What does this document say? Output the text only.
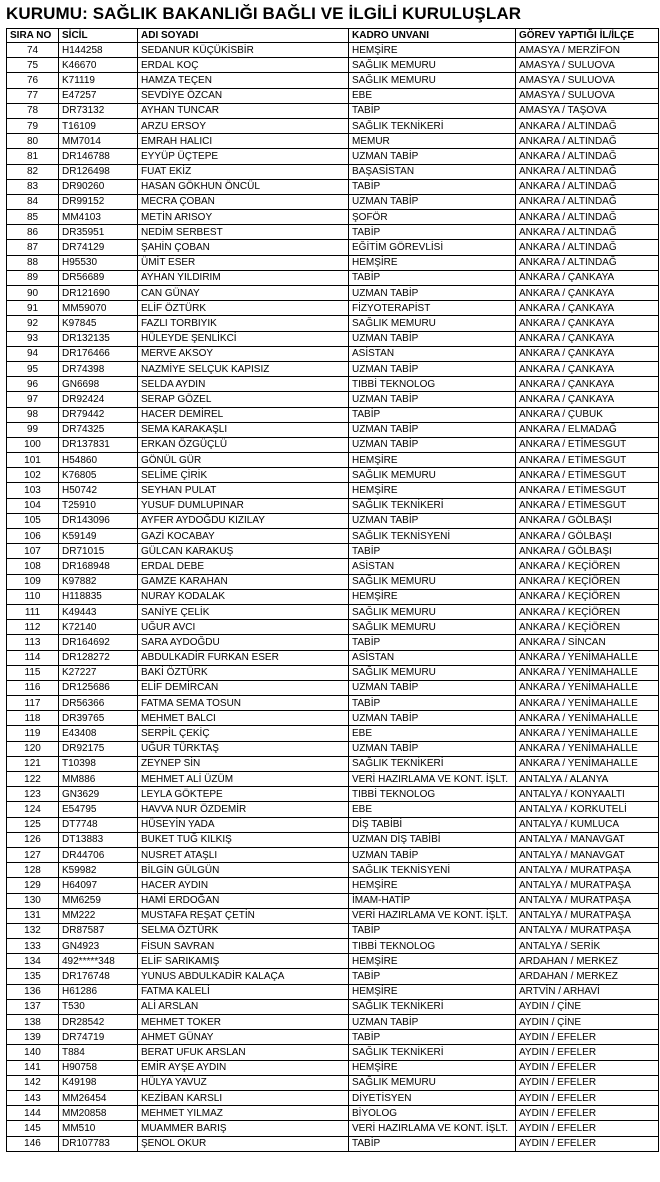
KURUMU: SAĞLIK BAKANLIĞI BAĞLI VE İLGİLİ KURULUŞLAR
SIRA NO	SİCİL	ADI SOYADI	KADRO UNVANI	GÖREV YAPTIĞI İL/İLÇE
74	H144258	SEDANUR KÜÇÜKİSBİR	HEMŞİRE	AMASYA / MERZİFON
75	K46670	ERDAL KOÇ	SAĞLIK MEMURU	AMASYA / SULUOVA
76	K71119	HAMZA TEÇEN	SAĞLIK MEMURU	AMASYA / SULUOVA
77	E47257	SEVDİYE ÖZCAN	EBE	AMASYA / SULUOVA
78	DR73132	AYHAN TUNCAR	TABİP	AMASYA / TAŞOVA
79	T16109	ARZU ERSOY	SAĞLIK TEKNİKERİ	ANKARA / ALTINDAĞ
80	MM7014	EMRAH HALICI	MEMUR	ANKARA / ALTINDAĞ
81	DR146788	EYYÜP ÜÇTEPE	UZMAN TABİP	ANKARA / ALTINDAĞ
82	DR126498	FUAT EKİZ	BAŞASİSTAN	ANKARA / ALTINDAĞ
83	DR90260	HASAN GÖKHUN ÖNCÜL	TABİP	ANKARA / ALTINDAĞ
84	DR99152	MECRA ÇOBAN	UZMAN TABİP	ANKARA / ALTINDAĞ
85	MM4103	METİN ARISOY	ŞOFÖR	ANKARA / ALTINDAĞ
86	DR35951	NEDİM SERBEST	TABİP	ANKARA / ALTINDAĞ
87	DR74129	ŞAHİN ÇOBAN	EĞİTİM GÖREVLİSİ	ANKARA / ALTINDAĞ
88	H95530	ÜMİT ESER	HEMŞİRE	ANKARA / ALTINDAĞ
89	DR56689	AYHAN YILDIRIM	TABİP	ANKARA / ÇANKAYA
90	DR121690	CAN GÜNAY	UZMAN TABİP	ANKARA / ÇANKAYA
91	MM59070	ELİF ÖZTÜRK	FİZYOTERAPİST	ANKARA / ÇANKAYA
92	K97845	FAZLI TORBIYIK	SAĞLIK MEMURU	ANKARA / ÇANKAYA
93	DR132135	HÜLEYDE ŞENLİKCİ	UZMAN TABİP	ANKARA / ÇANKAYA
94	DR176466	MERVE AKSOY	ASİSTAN	ANKARA / ÇANKAYA
95	DR74398	NAZMİYE SELÇUK KAPISIZ	UZMAN TABİP	ANKARA / ÇANKAYA
96	GN6698	SELDA AYDIN	TIBBİ TEKNOLOG	ANKARA / ÇANKAYA
97	DR92424	SERAP GÖZEL	UZMAN TABİP	ANKARA / ÇANKAYA
98	DR79442	HACER DEMİREL	TABİP	ANKARA / ÇUBUK
99	DR74325	SEMA KARAKAŞLI	UZMAN TABİP	ANKARA / ELMADAĞ
100	DR137831	ERKAN ÖZGÜÇLÜ	UZMAN TABİP	ANKARA / ETİMESGUT
101	H54860	GÖNÜL GÜR	HEMŞİRE	ANKARA / ETİMESGUT
102	K76805	SELİME ÇİRİK	SAĞLIK MEMURU	ANKARA / ETİMESGUT
103	H50742	SEYHAN PULAT	HEMŞİRE	ANKARA / ETİMESGUT
104	T25910	YUSUF DUMLUPINAR	SAĞLIK TEKNİKERİ	ANKARA / ETİMESGUT
105	DR143096	AYFER AYDOĞDU KIZILAY	UZMAN TABİP	ANKARA / GÖLBAŞI
106	K59149	GAZİ KOCABAY	SAĞLIK TEKNİSYENİ	ANKARA / GÖLBAŞI
107	DR71015	GÜLCAN KARAKUŞ	TABİP	ANKARA / GÖLBAŞI
108	DR168948	ERDAL DEBE	ASİSTAN	ANKARA / KEÇİÖREN
109	K97882	GAMZE KARAHAN	SAĞLIK MEMURU	ANKARA / KEÇİÖREN
110	H118835	NURAY KODALAK	HEMŞİRE	ANKARA / KEÇİÖREN
111	K49443	SANİYE ÇELİK	SAĞLIK MEMURU	ANKARA / KEÇİÖREN
112	K72140	UĞUR AVCI	SAĞLIK MEMURU	ANKARA / KEÇİÖREN
113	DR164692	SARA AYDOĞDU	TABİP	ANKARA / SİNCAN
114	DR128272	ABDULKADİR FURKAN ESER	ASİSTAN	ANKARA / YENİMAHALLE
115	K27227	BAKİ ÖZTÜRK	SAĞLIK MEMURU	ANKARA / YENİMAHALLE
116	DR125686	ELİF DEMİRCAN	UZMAN TABİP	ANKARA / YENİMAHALLE
117	DR56366	FATMA SEMA TOSUN	TABİP	ANKARA / YENİMAHALLE
118	DR39765	MEHMET BALCI	UZMAN TABİP	ANKARA / YENİMAHALLE
119	E43408	SERPİL ÇEKİÇ	EBE	ANKARA / YENİMAHALLE
120	DR92175	UĞUR TÜRKTAŞ	UZMAN TABİP	ANKARA / YENİMAHALLE
121	T10398	ZEYNEP SİN	SAĞLIK TEKNİKERİ	ANKARA / YENİMAHALLE
122	MM886	MEHMET ALİ ÜZÜM	VERİ HAZIRLAMA VE KONT. İŞLT.	ANTALYA / ALANYA
123	GN3629	LEYLA GÖKTEPE	TIBBİ TEKNOLOG	ANTALYA / KONYAALTI
124	E54795	HAVVA NUR ÖZDEMİR	EBE	ANTALYA / KORKUTELİ
125	DT7748	HÜSEYİN YADA	DİŞ TABİBİ	ANTALYA / KUMLUCA
126	DT13883	BUKET TUĞ KILKIŞ	UZMAN DİŞ TABİBİ	ANTALYA / MANAVGAT
127	DR44706	NUSRET ATAŞLI	UZMAN TABİP	ANTALYA / MANAVGAT
128	K59982	BİLGİN GÜLGÜN	SAĞLIK TEKNİSYENİ	ANTALYA / MURATPAŞA
129	H64097	HACER AYDIN	HEMŞİRE	ANTALYA / MURATPAŞA
130	MM6259	HAMİ ERDOĞAN	İMAM-HATİP	ANTALYA / MURATPAŞA
131	MM222	MUSTAFA REŞAT ÇETİN	VERİ HAZIRLAMA VE KONT. İŞLT.	ANTALYA / MURATPAŞA
132	DR87587	SELMA ÖZTÜRK	TABİP	ANTALYA / MURATPAŞA
133	GN4923	FİSUN SAVRAN	TIBBİ TEKNOLOG	ANTALYA / SERİK
134	492*****348	ELİF SARIKAMIŞ	HEMŞİRE	ARDAHAN / MERKEZ
135	DR176748	YUNUS ABDULKADİR KALAÇA	TABİP	ARDAHAN / MERKEZ
136	H61286	FATMA KALELİ	HEMŞİRE	ARTVİN / ARHAVİ
137	T530	ALİ ARSLAN	SAĞLIK TEKNİKERİ	AYDIN / ÇİNE
138	DR28542	MEHMET TOKER	UZMAN TABİP	AYDIN / ÇİNE
139	DR74719	AHMET GÜNAY	TABİP	AYDIN / EFELER
140	T884	BERAT UFUK ARSLAN	SAĞLIK TEKNİKERİ	AYDIN / EFELER
141	H90758	EMİR AYŞE AYDIN	HEMŞİRE	AYDIN / EFELER
142	K49198	HÜLYA YAVUZ	SAĞLIK MEMURU	AYDIN / EFELER
143	MM26454	KEZİBAN KARSLI	DİYETİSYEN	AYDIN / EFELER
144	MM20858	MEHMET YILMAZ	BİYOLOG	AYDIN / EFELER
145	MM510	MUAMMER BARIŞ	VERİ HAZIRLAMA VE KONT. İŞLT.	AYDIN / EFELER
146	DR107783	ŞENOL OKUR	TABİP	AYDIN / EFELER
